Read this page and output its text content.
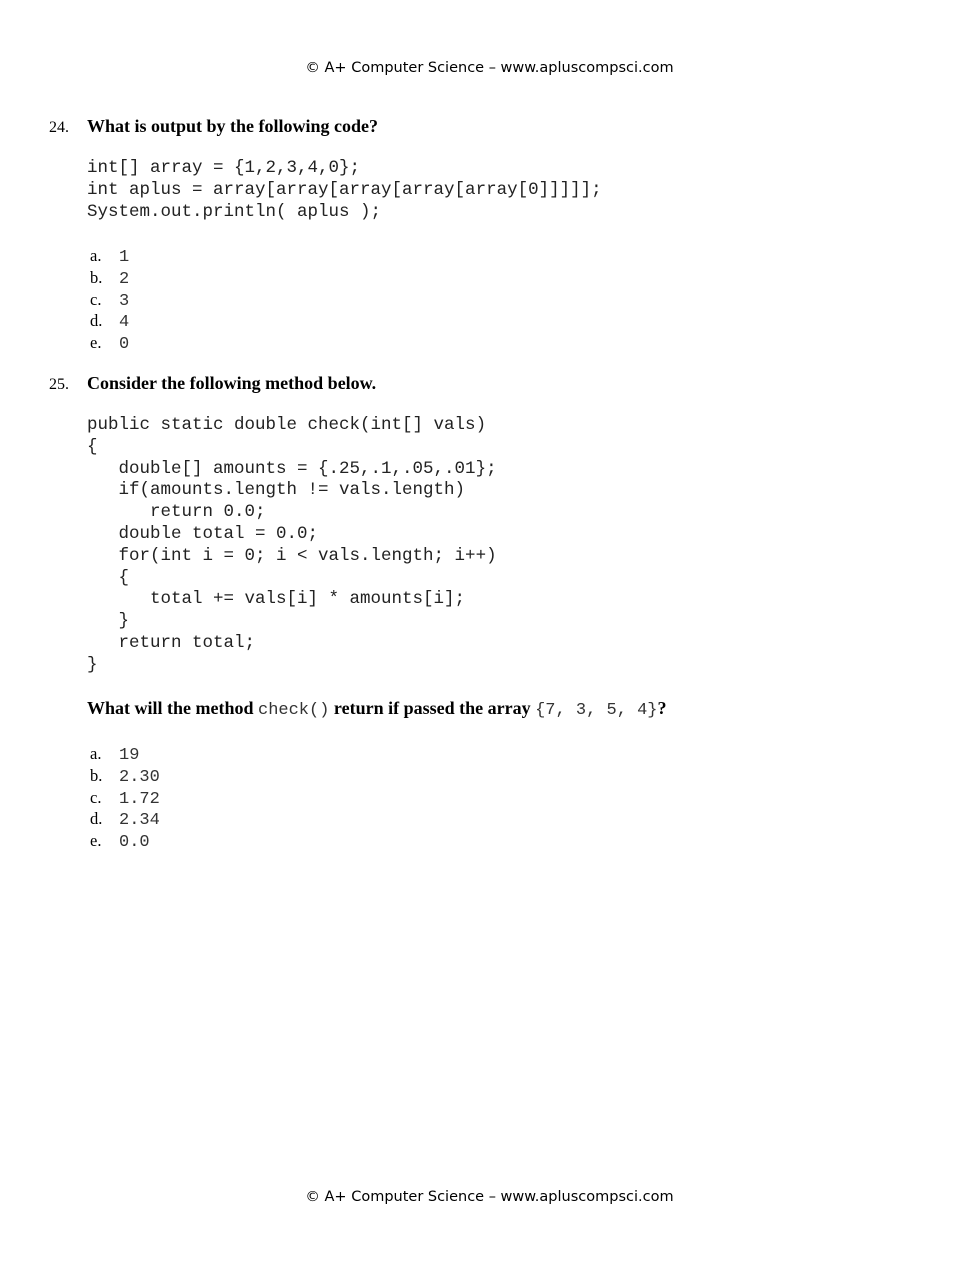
© A+ Computer Science – www.apluscompsci.com
24. What is output by the following code?
int[] array = {1,2,3,4,0};
int aplus = array[array[array[array[array[0]]]]];
System.out.println( aplus );
a.	1
b. 2
c.	3
d. 4
e.	0
25. Consider the following method below.
public static double check(int[] vals)
{
double[] amounts = {.25,.1,.05,.01};
if(amounts.length != vals.length)
return 0.0;
double total = 0.0;
for(int i = 0; i < vals.length; i++)
{
total += vals[i] * amounts[i];
}
return total;
}
What will the method check() return if passed the array {7, 3, 5, 4}?
a.	19
b. 2.30
c.	1.72
d. 2.34
e.	0.0
© A+ Computer Science – www.apluscompsci.com
